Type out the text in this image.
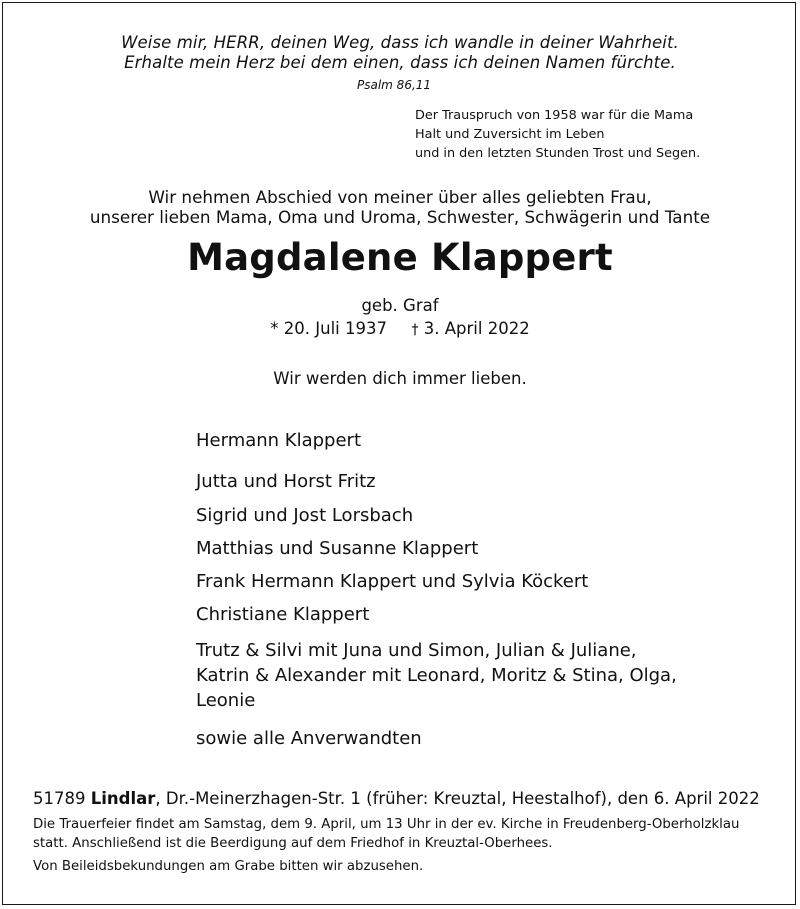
Weise mir, HERR, deinen Weg, dass ich wandle in deiner Wahrheit.
Erhalte mein Herz bei dem einen, dass ich deinen Namen fürchte.
Psalm 86,11
Der Trauspruch von 1958 war für die Mama
Halt und Zuversicht im Leben
und in den letzten Stunden Trost und Segen.
Wir nehmen Abschied von meiner über alles geliebten Frau,
unserer lieben Mama, Oma und Uroma, Schwester, Schwägerin und Tante
Magdalene Klappert
geb. Graf
* 20. Juli 1937 † 3. April 2022
Wir werden dich immer lieben.
Hermann Klappert
Jutta und Horst Fritz
Sigrid und Jost Lorsbach
Matthias und Susanne Klappert
Frank Hermann Klappert und Sylvia Köckert
Christiane Klappert
Trutz & Silvi mit Juna und Simon, Julian & Juliane,
Katrin & Alexander mit Leonard, Moritz & Stina, Olga,
Leonie
sowie alle Anverwandten
51789 Lindlar, Dr.-Meinerzhagen-Str. 1 (früher: Kreuztal, Heestalhof), den 6. April 2022
Die Trauerfeier findet am Samstag, dem 9. April, um 13 Uhr in der ev. Kirche in Freudenberg-Oberholzklau
statt. Anschließend ist die Beerdigung auf dem Friedhof in Kreuztal-Oberhees.
Von Beileidsbekundungen am Grabe bitten wir abzusehen.
